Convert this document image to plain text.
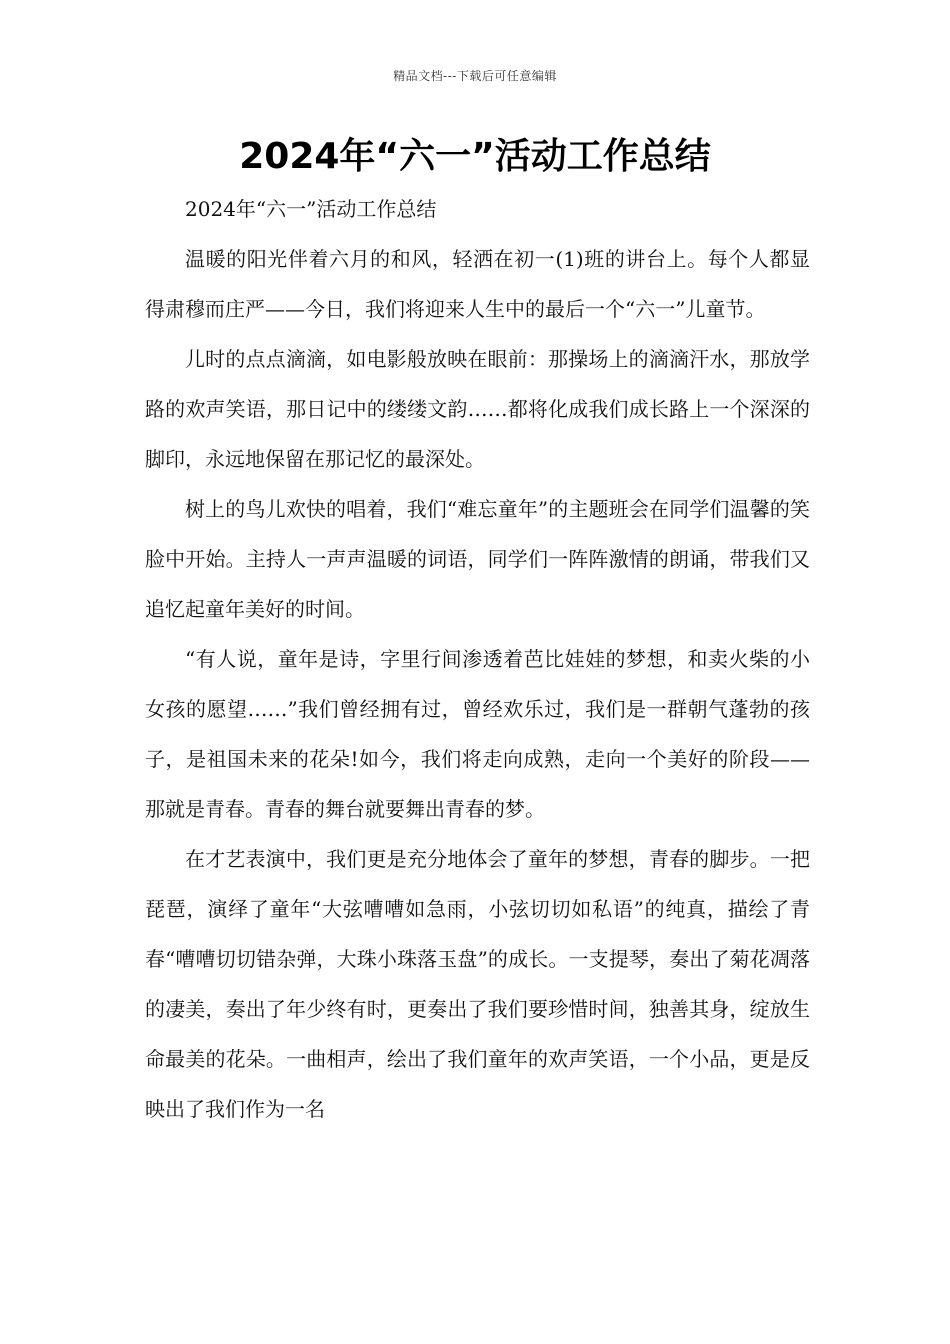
精品文档---下载后可任意编辑
2024年“六一”活动工作总结

2024年“六一”活动工作总结

温暖的阳光伴着六月的和风，轻洒在初一(1)班的讲台上。每个人都显得肃穆而庄严——今日，我们将迎来人生中的最后一个“六一”儿童节。

儿时的点点滴滴，如电影般放映在眼前：那操场上的滴滴汗水，那放学路的欢声笑语，那日记中的缕缕文韵……都将化成我们成长路上一个深深的脚印，永远地保留在那记忆的最深处。

树上的鸟儿欢快的唱着，我们“难忘童年”的主题班会在同学们温馨的笑脸中开始。主持人一声声温暖的词语，同学们一阵阵激情的朗诵，带我们又追忆起童年美好的时间。

“有人说，童年是诗，字里行间渗透着芭比娃娃的梦想，和卖火柴的小女孩的愿望……”我们曾经拥有过，曾经欢乐过，我们是一群朝气蓬勃的孩子，是祖国未来的花朵!如今，我们将走向成熟，走向一个美好的阶段——那就是青春。青春的舞台就要舞出青春的梦。

在才艺表演中，我们更是充分地体会了童年的梦想，青春的脚步。一把琵琶，演绎了童年“大弦嘈嘈如急雨，小弦切切如私语”的纯真，描绘了青春“嘈嘈切切错杂弹，大珠小珠落玉盘”的成长。一支提琴，奏出了菊花凋落的凄美，奏出了年少终有时，更奏出了我们要珍惜时间，独善其身，绽放生命最美的花朵。一曲相声，绘出了我们童年的欢声笑语，一个小品，更是反映出了我们作为一名
